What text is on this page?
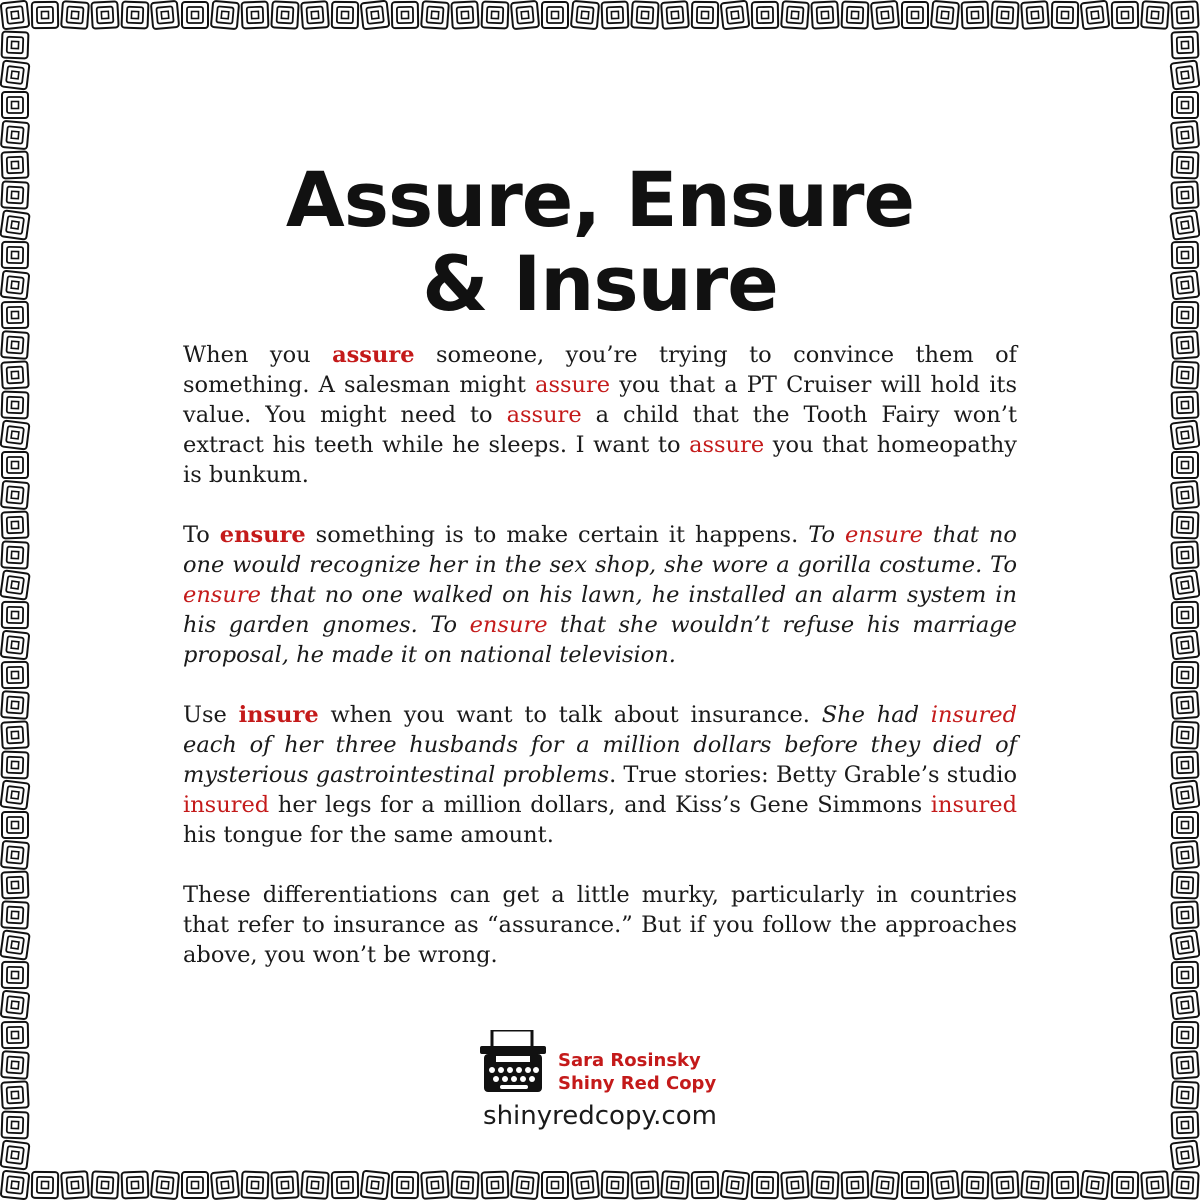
Assure, Ensure
& Insure

When you assure someone, you’re trying to convince them of something. A salesman might assure you that a PT Cruiser will hold its value. You might need to assure a child that the Tooth Fairy won’t extract his teeth while he sleeps. I want to assure you that homeopathy is bunkum.

To ensure something is to make certain it happens. To ensure that no one would recognize her in the sex shop, she wore a gorilla costume. To ensure that no one walked on his lawn, he installed an alarm system in his garden gnomes. To ensure that she wouldn’t refuse his marriage proposal, he made it on national television.

Use insure when you want to talk about insurance. She had insured each of her three husbands for a million dollars before they died of mysterious gastrointestinal problems. True stories: Betty Grable’s studio insured her legs for a million dollars, and Kiss’s Gene Simmons insured his tongue for the same amount.

These differentiations can get a little murky, particularly in countries that refer to insurance as “assurance.” But if you follow the approaches above, you won’t be wrong.

Sara Rosinsky
Shiny Red Copy
shinyredcopy.com
